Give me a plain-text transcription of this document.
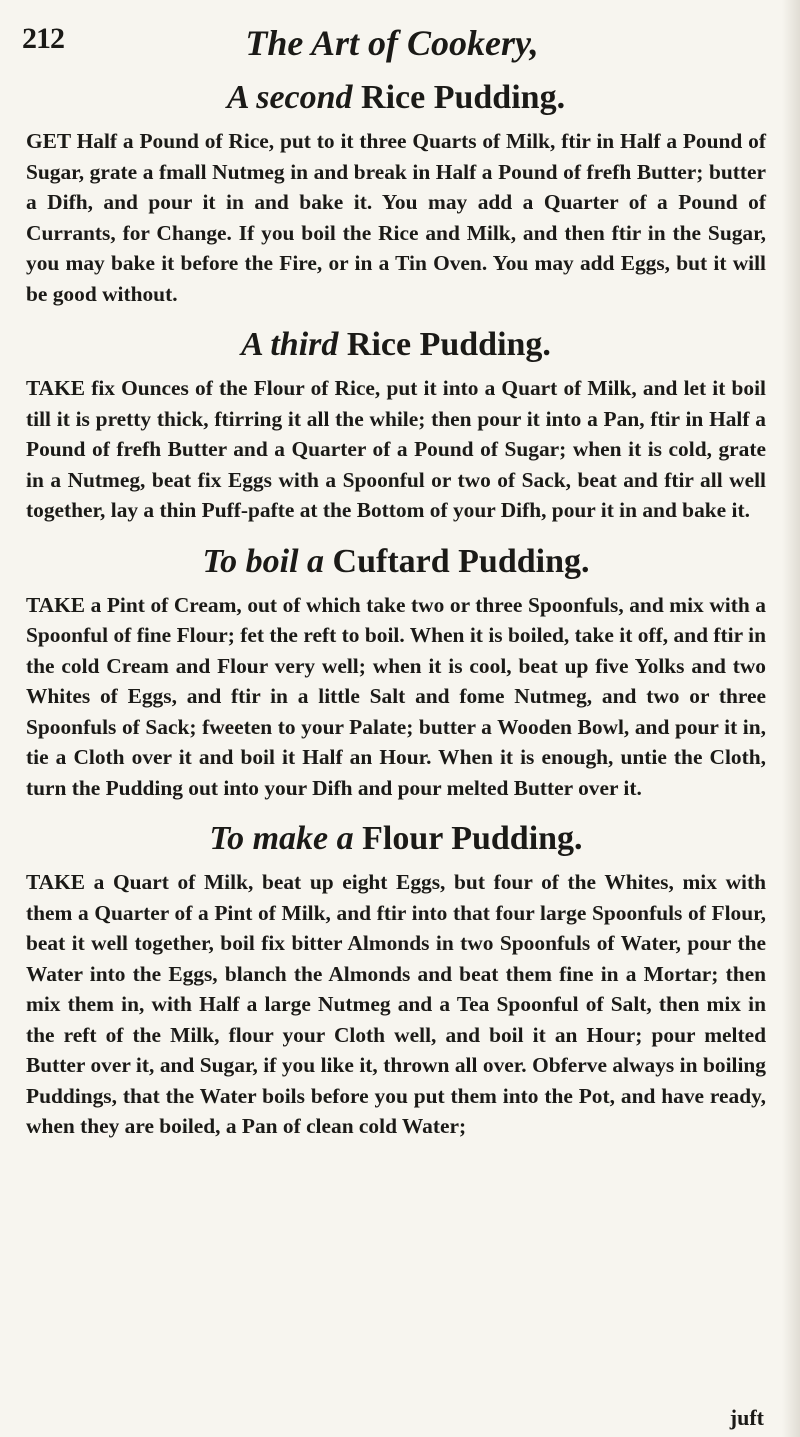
212	The Art of Cookery,
A second Rice Pudding.

GET Half a Pound of Rice, put to it three Quarts of Milk, ftir in Half a Pound of Sugar, grate a fmall Nutmeg in and break in Half a Pound of frefh Butter; butter a Difh, and pour it in and bake it. You may add a Quarter of a Pound of Currants, for Change. If you boil the Rice and Milk, and then ftir in the Sugar, you may bake it before the Fire, or in a Tin Oven. You may add Eggs, but it will be good without.

A third Rice Pudding.

TAKE fix Ounces of the Flour of Rice, put it into a Quart of Milk, and let it boil till it is pretty thick, ftirring it all the while; then pour it into a Pan, ftir in Half a Pound of frefh Butter and a Quarter of a Pound of Sugar; when it is cold, grate in a Nutmeg, beat fix Eggs with a Spoonful or two of Sack, beat and ftir all well together, lay a thin Puff-pafte at the Bottom of your Difh, pour it in and bake it.

To boil a Cuftard Pudding.

TAKE a Pint of Cream, out of which take two or three Spoonfuls, and mix with a Spoonful of fine Flour; fet the reft to boil. When it is boiled, take it off, and ftir in the cold Cream and Flour very well; when it is cool, beat up five Yolks and two Whites of Eggs, and ftir in a little Salt and fome Nutmeg, and two or three Spoonfuls of Sack; fweeten to your Palate; butter a Wooden Bowl, and pour it in, tie a Cloth over it and boil it Half an Hour. When it is enough, untie the Cloth, turn the Pudding out into your Difh and pour melted Butter over it.

To make a Flour Pudding.

TAKE a Quart of Milk, beat up eight Eggs, but four of the Whites, mix with them a Quarter of a Pint of Milk, and ftir into that four large Spoonfuls of Flour, beat it well together, boil fix bitter Almonds in two Spoonfuls of Water, pour the Water into the Eggs, blanch the Almonds and beat them fine in a Mortar; then mix them in, with Half a large Nutmeg and a Tea Spoonful of Salt, then mix in the reft of the Milk, flour your Cloth well, and boil it an Hour; pour melted Butter over it, and Sugar, if you like it, thrown all over. Obferve always in boiling Puddings, that the Water boils before you put them into the Pot, and have ready, when they are boiled, a Pan of clean cold Water;

juft
